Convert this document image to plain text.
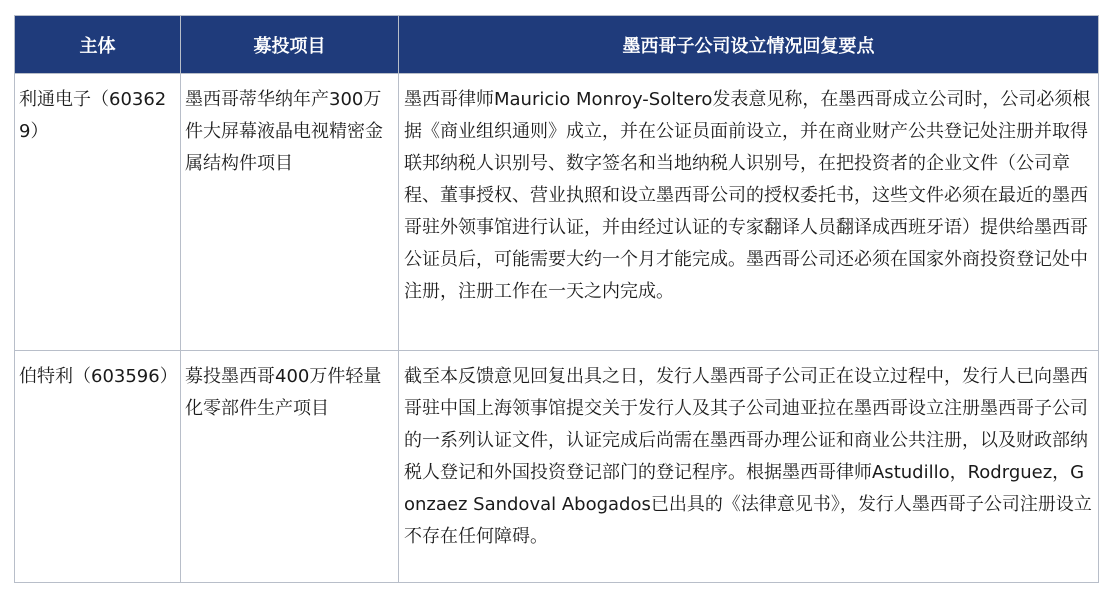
主体	募投项目	墨西哥子公司设立情况回复要点
利通电子（603629）	墨西哥蒂华纳年产300万件大屏幕液晶电视精密金属结构件项目	墨西哥律师Mauricio Monroy-Soltero发表意见称，在墨西哥成立公司时，公司必须根据《商业组织通则》成立，并在公证员面前设立，并在商业财产公共登记处注册并取得联邦纳税人识别号、数字签名和当地纳税人识别号，在把投资者的企业文件（公司章程、董事授权、营业执照和设立墨西哥公司的授权委托书，这些文件必须在最近的墨西哥驻外领事馆进行认证，并由经过认证的专家翻译人员翻译成西班牙语）提供给墨西哥公证员后，可能需要大约一个月才能完成。墨西哥公司还必须在国家外商投资登记处中注册，注册工作在一天之内完成。
伯特利（603596）	募投墨西哥400万件轻量化零部件生产项目	截至本反馈意见回复出具之日，发行人墨西哥子公司正在设立过程中，发行人已向墨西哥驻中国上海领事馆提交关于发行人及其子公司迪亚拉在墨西哥设立注册墨西哥子公司的一系列认证文件，认证完成后尚需在墨西哥办理公证和商业公共注册，以及财政部纳税人登记和外国投资登记部门的登记程序。根据墨西哥律师Astudillo，Rodrguez，Gonzaez Sandoval Abogados已出具的《法律意见书》，发行人墨西哥子公司注册设立不存在任何障碍。
